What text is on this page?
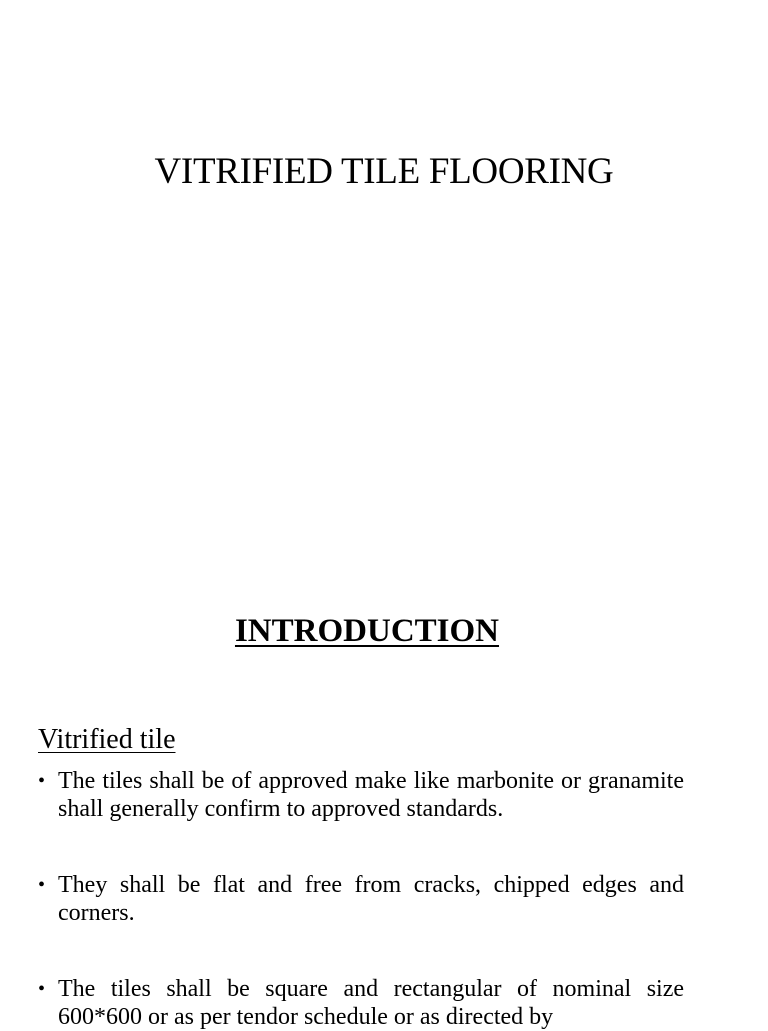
VITRIFIED TILE FLOORING
INTRODUCTION
Vitrified tile
• The tiles shall be of approved make like marbonite or granamite shall generally confirm to approved standards.
• They shall be flat and free from cracks, chipped edges and corners.
• The tiles shall be square and rectangular of nominal size 600*600 or as per tendor schedule or as directed by
